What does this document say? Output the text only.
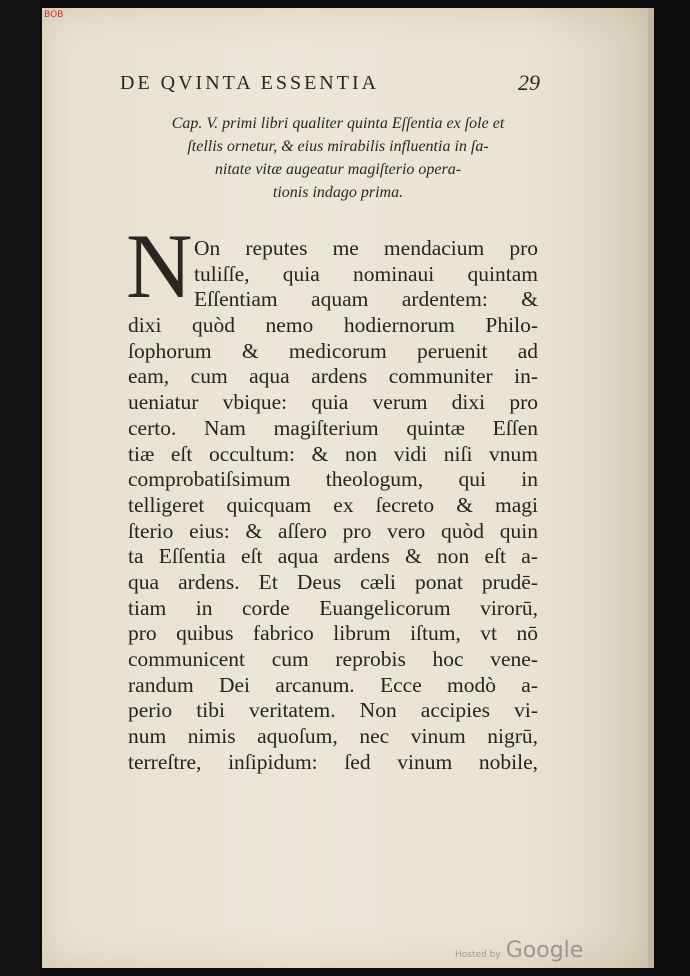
ВОВ
DE QVINTA ESSENTIA	29
Cap. V. primi libri qualiter quinta Eſſentia ex ſole et
ſtellis ornetur, & eius mirabilis influentia in ſa-
nitate vitæ augeatur magiſterio opera-
tionis indago prima.
N On reputes me mendacium pro
tuliſſe, quia nominaui quintam
Eſſentiam aquam ardentem: &
dixi quòd nemo hodiernorum Philo-
ſophorum & medicorum peruenit ad
eam, cum aqua ardens communiter in-
ueniatur vbique: quia verum dixi pro
certo. Nam magiſterium quintæ Eſſen
tiæ eſt occultum: & non vidi niſi vnum
comprobatiſsimum theologum, qui in
telligeret quicquam ex ſecreto & magi
ſterio eius: & aſſero pro vero quòd quin
ta Eſſentia eſt aqua ardens & non eſt a-
qua ardens. Et Deus cæli ponat prudē-
tiam in corde Euangelicorum virorū,
pro quibus fabrico librum iſtum, vt nō
communicent cum reprobis hoc vene-
randum Dei arcanum. Ecce modò a-
perio tibi veritatem. Non accipies vi-
num nimis aquoſum, nec vinum nigrū,
terreſtre, inſipidum: ſed vinum nobile,
Hosted by Google
